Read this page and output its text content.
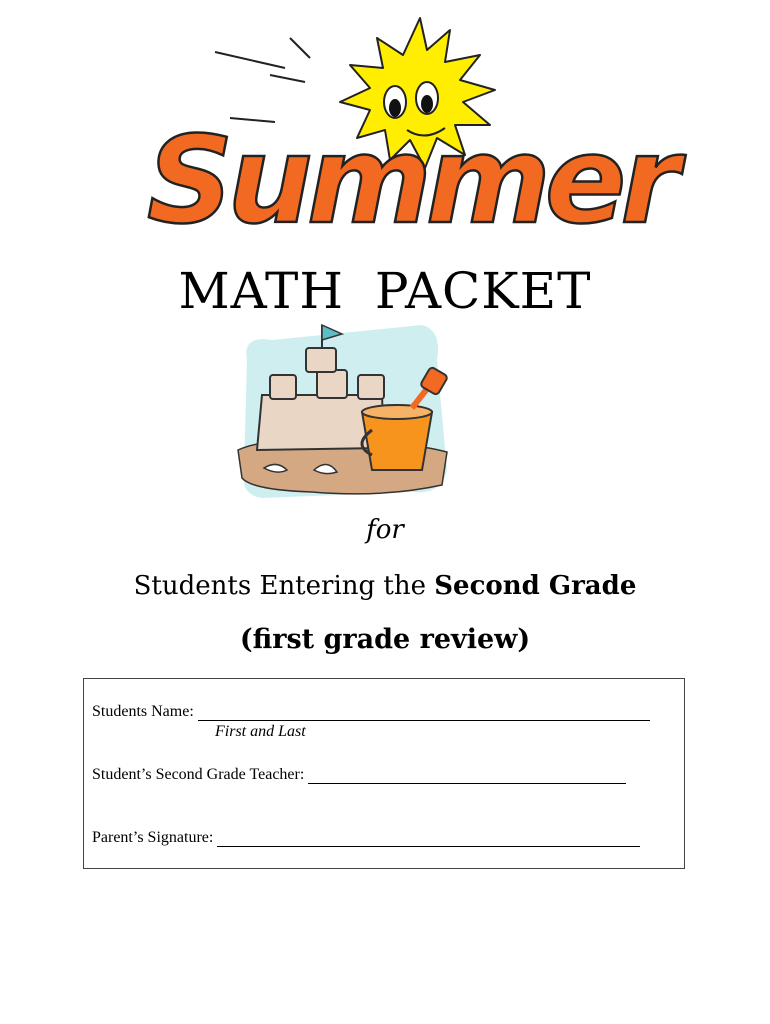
Summer
MATH PACKET
for
Students Entering the Second Grade
(first grade review)
Students Name:
First and Last
Student’s Second Grade Teacher:
Parent’s Signature:
